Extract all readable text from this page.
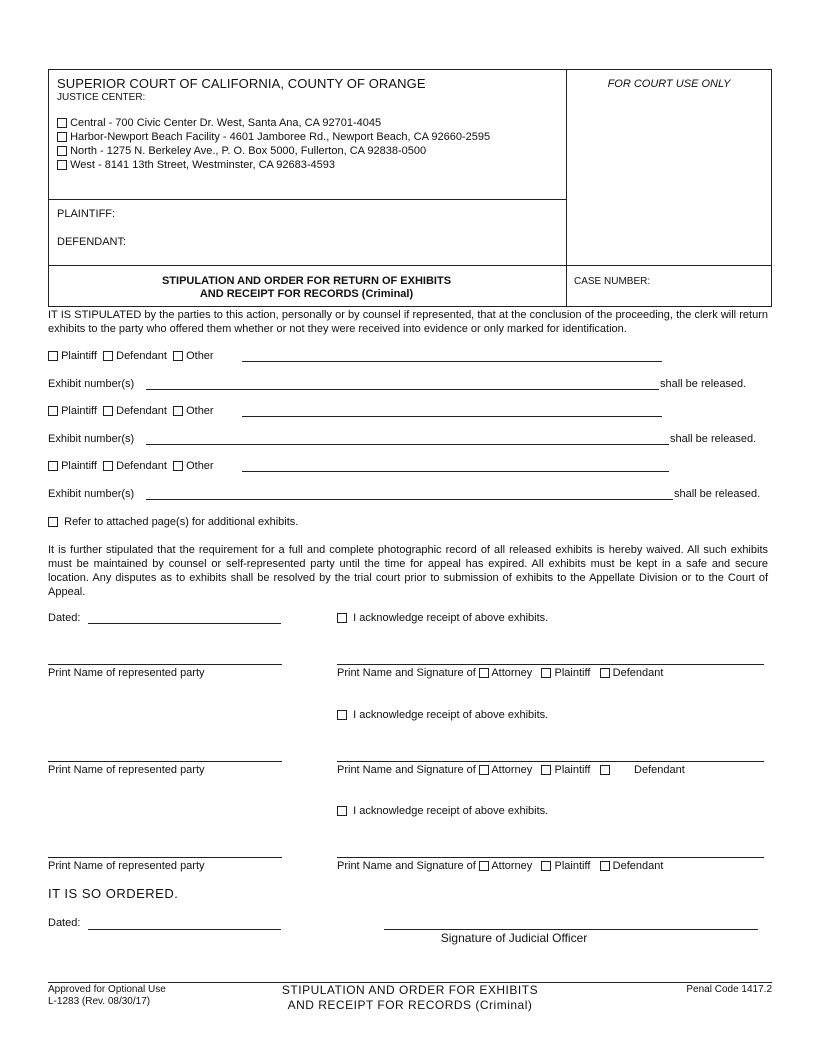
SUPERIOR COURT OF CALIFORNIA, COUNTY OF ORANGE
JUSTICE CENTER:
Central - 700 Civic Center Dr. West, Santa Ana, CA 92701-4045
Harbor-Newport Beach Facility - 4601 Jamboree Rd., Newport Beach, CA 92660-2595
North - 1275 N. Berkeley Ave., P. O. Box 5000, Fullerton, CA 92838-0500
West - 8141 13th Street, Westminster, CA 92683-4593
FOR COURT USE ONLY
PLAINTIFF:
DEFENDANT:
STIPULATION AND ORDER FOR RETURN OF EXHIBITS
AND RECEIPT FOR RECORDS (Criminal)
CASE NUMBER:
IT IS STIPULATED by the parties to this action, personally or by counsel if represented, that at the conclusion of the proceeding, the clerk will return exhibits to the party who offered them whether or not they were received into evidence or only marked for identification.
Plaintiff Defendant Other
Exhibit number(s)	shall be released.
Plaintiff Defendant Other
Exhibit number(s)	shall be released.
Plaintiff Defendant Other
Exhibit number(s)	shall be released.
Refer to attached page(s) for additional exhibits.
It is further stipulated that the requirement for a full and complete photographic record of all released exhibits is hereby waived. All such exhibits must be maintained by counsel or self-represented party until the time for appeal has expired. All exhibits must be kept in a safe and secure location. Any disputes as to exhibits shall be resolved by the trial court prior to submission of exhibits to the Appellate Division or to the Court of Appeal.
Dated:	I acknowledge receipt of above exhibits.
Print Name of represented party	Print Name and Signature of Attorney Plaintiff Defendant
I acknowledge receipt of above exhibits.
Print Name of represented party	Print Name and Signature of Attorney Plaintiff	Defendant
I acknowledge receipt of above exhibits.
Print Name of represented party	Print Name and Signature of Attorney Plaintiff Defendant
IT IS SO ORDERED.
Dated:
Signature of Judicial Officer
Approved for Optional Use
L-1283 (Rev. 08/30/17)
STIPULATION AND ORDER FOR EXHIBITS
AND RECEIPT FOR RECORDS (Criminal)
Penal Code 1417.2
